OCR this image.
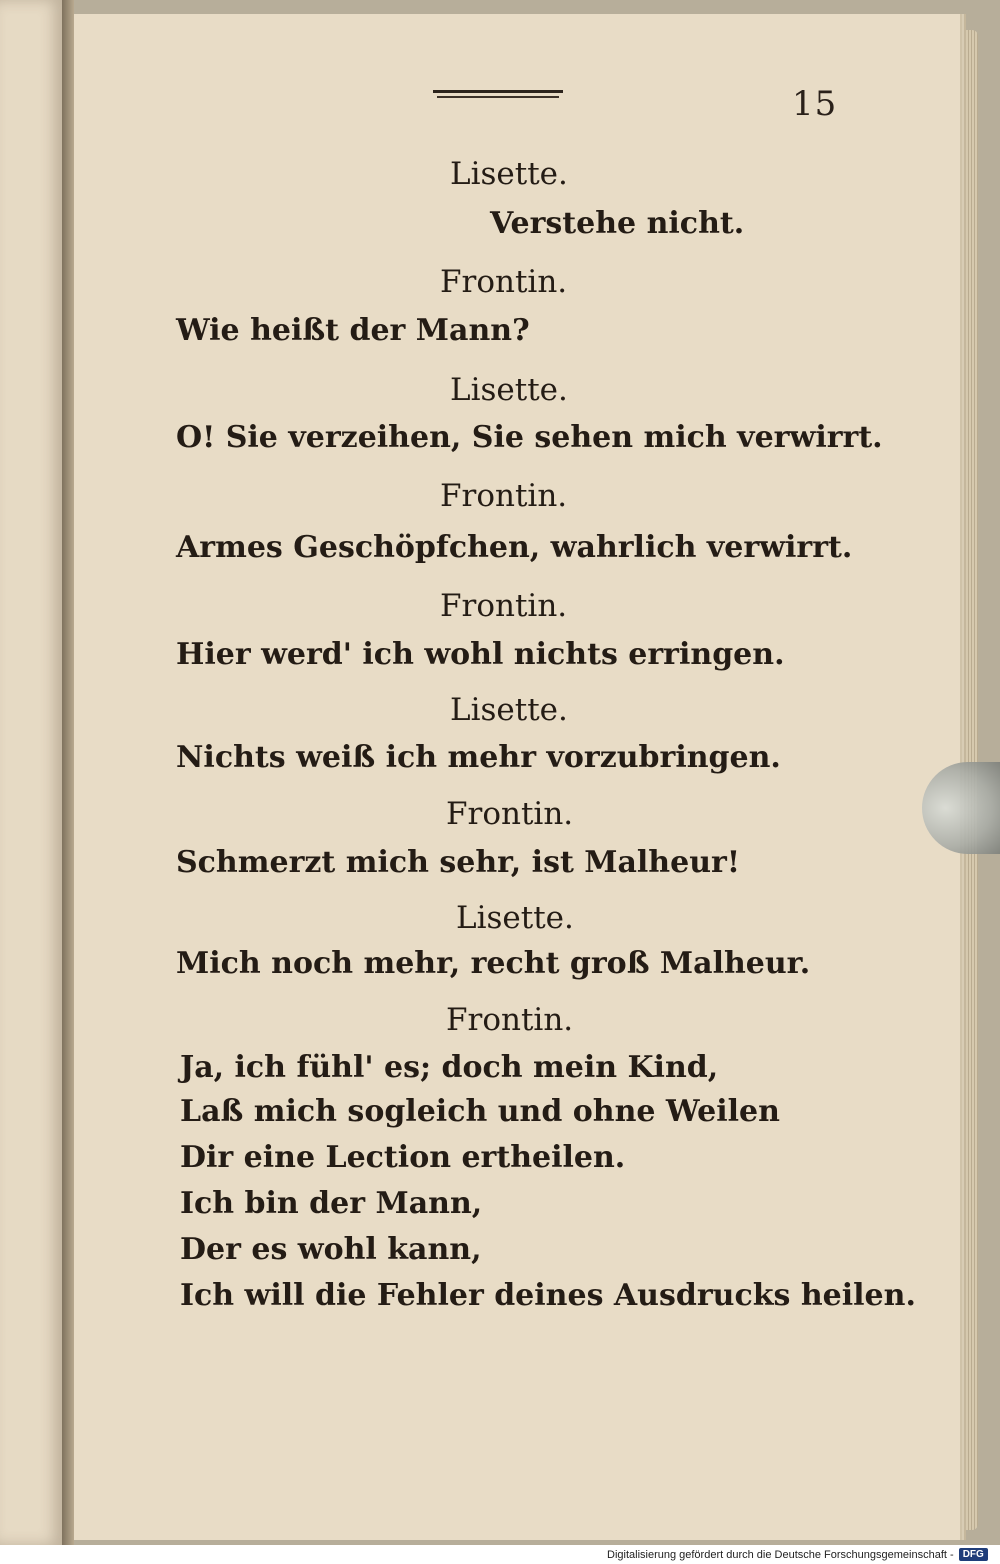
15
Lisette.
Verstehe nicht.
Frontin.
Wie heißt der Mann?
Lisette.
O! Sie verzeihen, Sie sehen mich verwirrt.
Frontin.
Armes Geschöpfchen, wahrlich verwirrt.
Frontin.
Hier werd' ich wohl nichts erringen.
Lisette.
Nichts weiß ich mehr vorzubringen.
Frontin.
Schmerzt mich sehr, ist Malheur!
Lisette.
Mich noch mehr, recht groß Malheur.
Frontin.
Ja, ich fühl' es; doch mein Kind,
Laß mich sogleich und ohne Weilen
Dir eine Lection ertheilen.
Ich bin der Mann,
Der es wohl kann,
Ich will die Fehler deines Ausdrucks heilen.
Digitalisierung gefördert durch die Deutsche Forschungsgemeinschaft - DFG
